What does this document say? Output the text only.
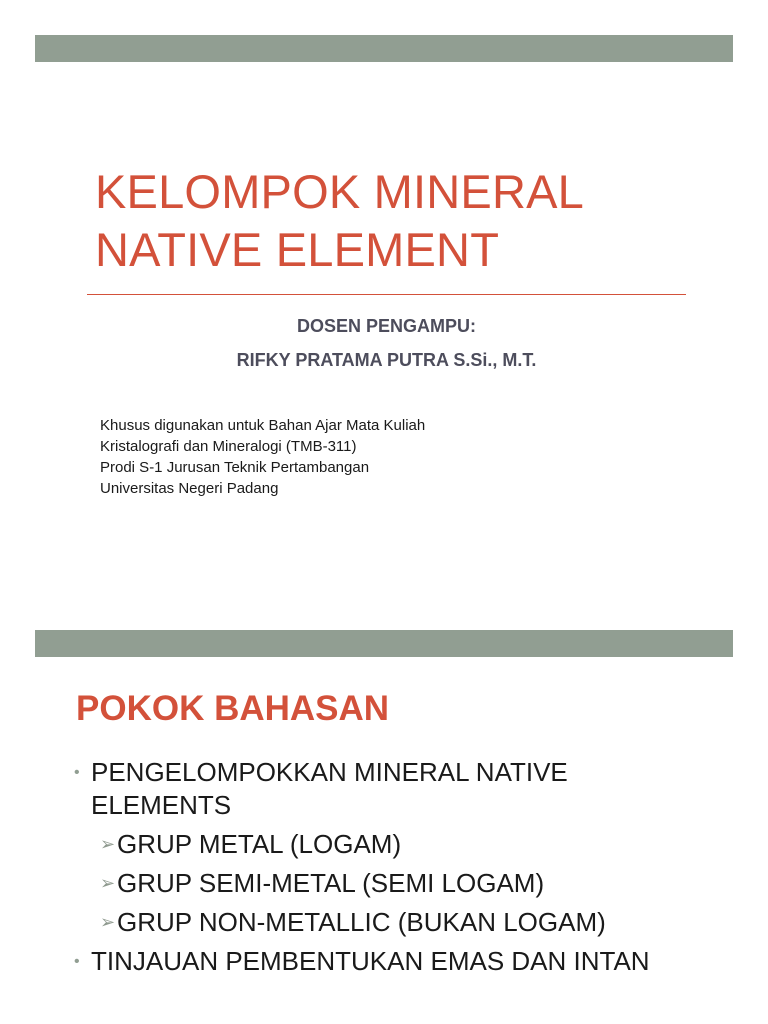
KELOMPOK MINERAL
NATIVE ELEMENT
DOSEN PENGAMPU:
RIFKY PRATAMA PUTRA S.Si., M.T.
Khusus digunakan untuk Bahan Ajar Mata Kuliah
Kristalografi dan Mineralogi (TMB-311)
Prodi S-1 Jurusan Teknik Pertambangan
Universitas Negeri Padang
POKOK BAHASAN
• PENGELOMPOKKAN MINERAL NATIVE
ELEMENTS
➢ GRUP METAL (LOGAM)
➢ GRUP SEMI-METAL (SEMI LOGAM)
➢ GRUP NON-METALLIC (BUKAN LOGAM)
• TINJAUAN PEMBENTUKAN EMAS DAN INTAN
